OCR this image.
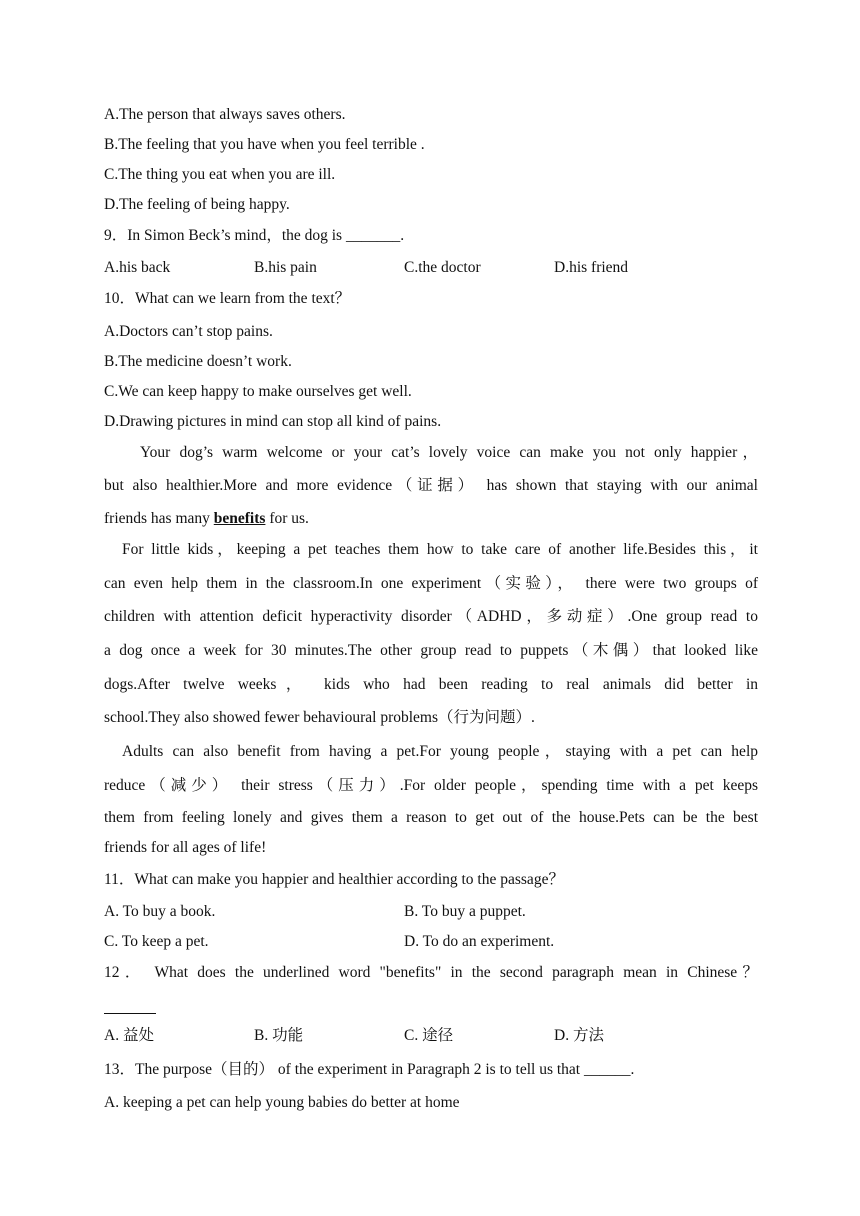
A.The person that always saves others.
B.The feeling that you have when you feel terrible .
C.The thing you eat when you are ill.
D.The feeling of being happy.
9．In Simon Beck’s mind，the dog is _______.
A.his back	B.his pain	C.the doctor	D.his friend
10．What can we learn from the text？
A.Doctors can’t stop pains.
B.The medicine doesn’t work.
C.We can keep happy to make ourselves get well.
D.Drawing pictures in mind can stop all kind of pains.
Your dog’s warm welcome or your cat’s lovely voice can make you not only happier，
but also healthier.More and more evidence（证据） has shown that staying with our animal
friends has many benefits for us.
For little kids，keeping a pet teaches them how to take care of another life.Besides this，it
can even help them in the classroom.In one experiment（实验）， there were two groups of
children with attention deficit hyperactivity disorder（ADHD，多动症）.One group read to
a dog once a week for 30 minutes.The other group read to puppets（木偶）that looked like
dogs.After twelve weeks， kids who had been reading to real animals did better in
school.They also showed fewer behavioural problems（行为问题）.
Adults can also benefit from having a pet.For young people，staying with a pet can help
reduce（减少） their stress（压力）.For older people，spending time with a pet keeps
them from feeling lonely and gives them a reason to get out of the house.Pets can be the best
friends for all ages of life!
11．What can make you happier and healthier according to the passage？
A. To buy a book.	B. To buy a puppet.
C. To keep a pet.	D. To do an experiment.
12． What does the underlined word "benefits" in the second paragraph mean in Chinese？
A. 益处	B. 功能	C. 途径	D. 方法
13．The purpose（目的） of the experiment in Paragraph 2 is to tell us that ______.
A. keeping a pet can help young babies do better at home
